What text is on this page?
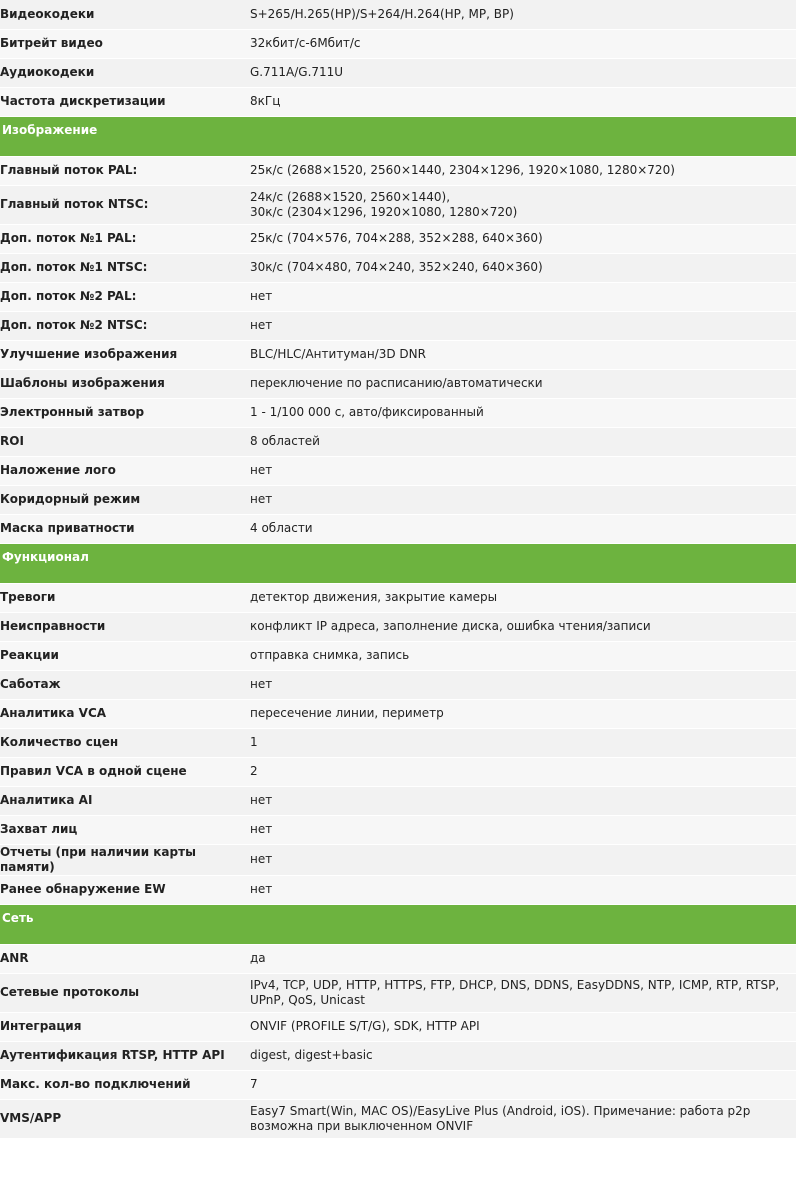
Видеокодеки	S+265/H.265(HP)/S+264/H.264(HP, MP, BP)
Битрейт видео	32кбит/с-6Мбит/с
Аудиокодеки	G.711A/G.711U
Частота дискретизации	8кГц
Изображение	
Главный поток PAL:	25к/с (2688×1520, 2560×1440, 2304×1296, 1920×1080, 1280×720)
Главный поток NTSC:	24к/с (2688×1520, 2560×1440),
30к/с (2304×1296, 1920×1080, 1280×720)
Доп. поток №1 PAL:	25к/с (704×576, 704×288, 352×288, 640×360)
Доп. поток №1 NTSC:	30к/с (704×480, 704×240, 352×240, 640×360)
Доп. поток №2 PAL:	нет
Доп. поток №2 NTSC:	нет
Улучшение изображения	BLC/HLC/Антитуман/3D DNR
Шаблоны изображения	переключение по расписанию/автоматически
Электронный затвор	1 - 1/100 000 с, авто/фиксированный
ROI	8 областей
Наложение лого	нет
Коридорный режим	нет
Маска приватности	4 области
Функционал	
Тревоги	детектор движения, закрытие камеры
Неисправности	конфликт IP адреса, заполнение диска, ошибка чтения/записи
Реакции	отправка снимка, запись
Саботаж	нет
Аналитика VCA	пересечение линии, периметр
Количество сцен	1
Правил VCA в одной сцене	2
Аналитика AI	нет
Захват лиц	нет
Отчеты (при наличии карты памяти)	нет
Ранее обнаружение EW	нет
Сеть	
ANR	да
Сетевые протоколы	IPv4, TCP, UDP, HTTP, HTTPS, FTP, DHCP, DNS, DDNS, EasyDDNS, NTP, ICMP, RTP, RTSP, UPnP, QoS, Unicast
Интеграция	ONVIF (PROFILE S/T/G), SDK, HTTP API
Аутентификация RTSP, HTTP API	digest, digest+basic
Макс. кол-во подключений	7
VMS/APP	Easy7 Smart(Win, MAC OS)/EasyLive Plus (Android, iOS). Примечание: работа p2p возможна при выключенном ONVIF
